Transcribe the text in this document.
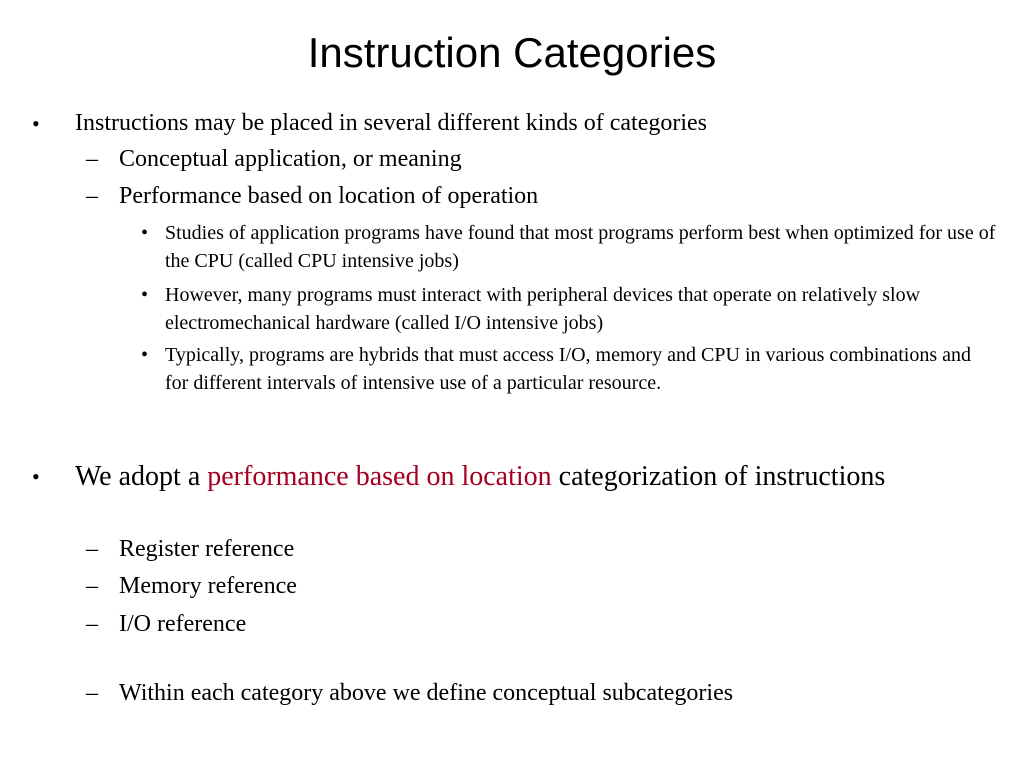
Instruction Categories
•	Instructions may be placed in several different kinds of categories
– Conceptual application, or meaning
– Performance based on location of operation
• Studies of application programs have found that most programs perform best when optimized for use of the CPU (called CPU intensive jobs)
• However, many programs must interact with peripheral devices that operate on relatively slow electromechanical hardware (called I/O intensive jobs)
• Typically, programs are hybrids that must access I/O, memory and CPU in various combinations and for different intervals of intensive use of a particular resource.
•	We adopt a performance based on location categorization of instructions
– Register reference
– Memory reference
– I/O reference
– Within each category above we define conceptual subcategories
